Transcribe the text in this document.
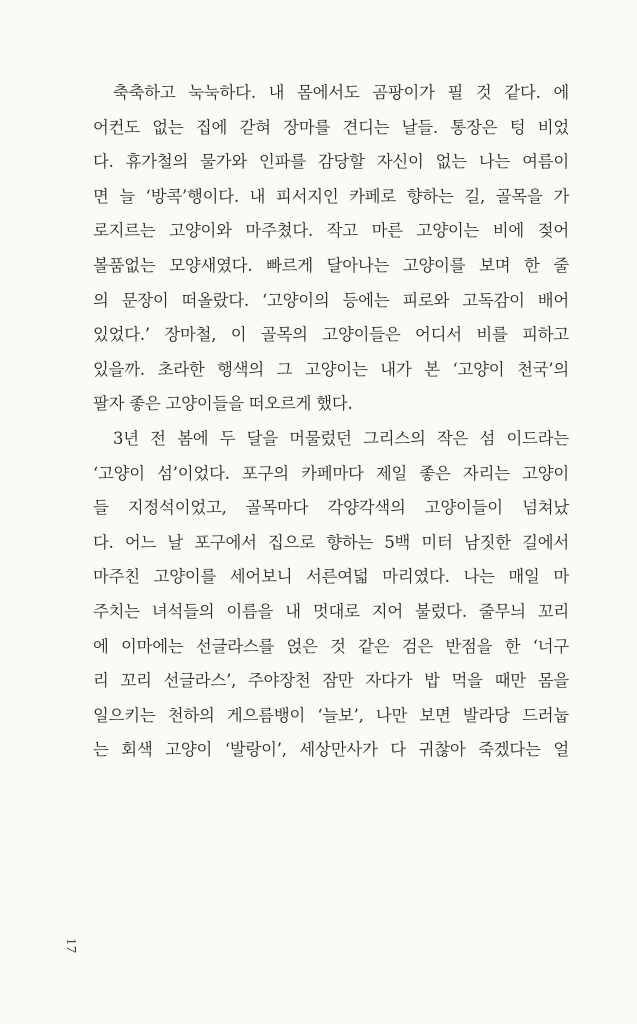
축축하고 눅눅하다. 내 몸에서도 곰팡이가 필 것 같다. 에
어컨도 없는 집에 갇혀 장마를 견디는 날들. 통장은 텅 비었
다. 휴가철의 물가와 인파를 감당할 자신이 없는 나는 여름이
면 늘 ‘방콕’행이다. 내 피서지인 카페로 향하는 길, 골목을 가
로지르는 고양이와 마주쳤다. 작고 마른 고양이는 비에 젖어
볼품없는 모양새였다. 빠르게 달아나는 고양이를 보며 한 줄
의 문장이 떠올랐다. ‘고양이의 등에는 피로와 고독감이 배어
있었다.’ 장마철, 이 골목의 고양이들은 어디서 비를 피하고
있을까. 초라한 행색의 그 고양이는 내가 본 ‘고양이 천국’의
팔자 좋은 고양이들을 떠오르게 했다.
3년 전 봄에 두 달을 머물렀던 그리스의 작은 섬 이드라는
‘고양이 섬’이었다. 포구의 카페마다 제일 좋은 자리는 고양이
들 지정석이었고, 골목마다 각양각색의 고양이들이 넘쳐났
다. 어느 날 포구에서 집으로 향하는 5백 미터 남짓한 길에서
마주친 고양이를 세어보니 서른여덟 마리였다. 나는 매일 마
주치는 녀석들의 이름을 내 멋대로 지어 불렀다. 줄무늬 꼬리
에 이마에는 선글라스를 얹은 것 같은 검은 반점을 한 ‘너구
리 꼬리 선글라스’, 주야장천 잠만 자다가 밥 먹을 때만 몸을
일으키는 천하의 게으름뱅이 ‘늘보’, 나만 보면 발라당 드러눕
는 회색 고양이 ‘발랑이’, 세상만사가 다 귀찮아 죽겠다는 얼
17
